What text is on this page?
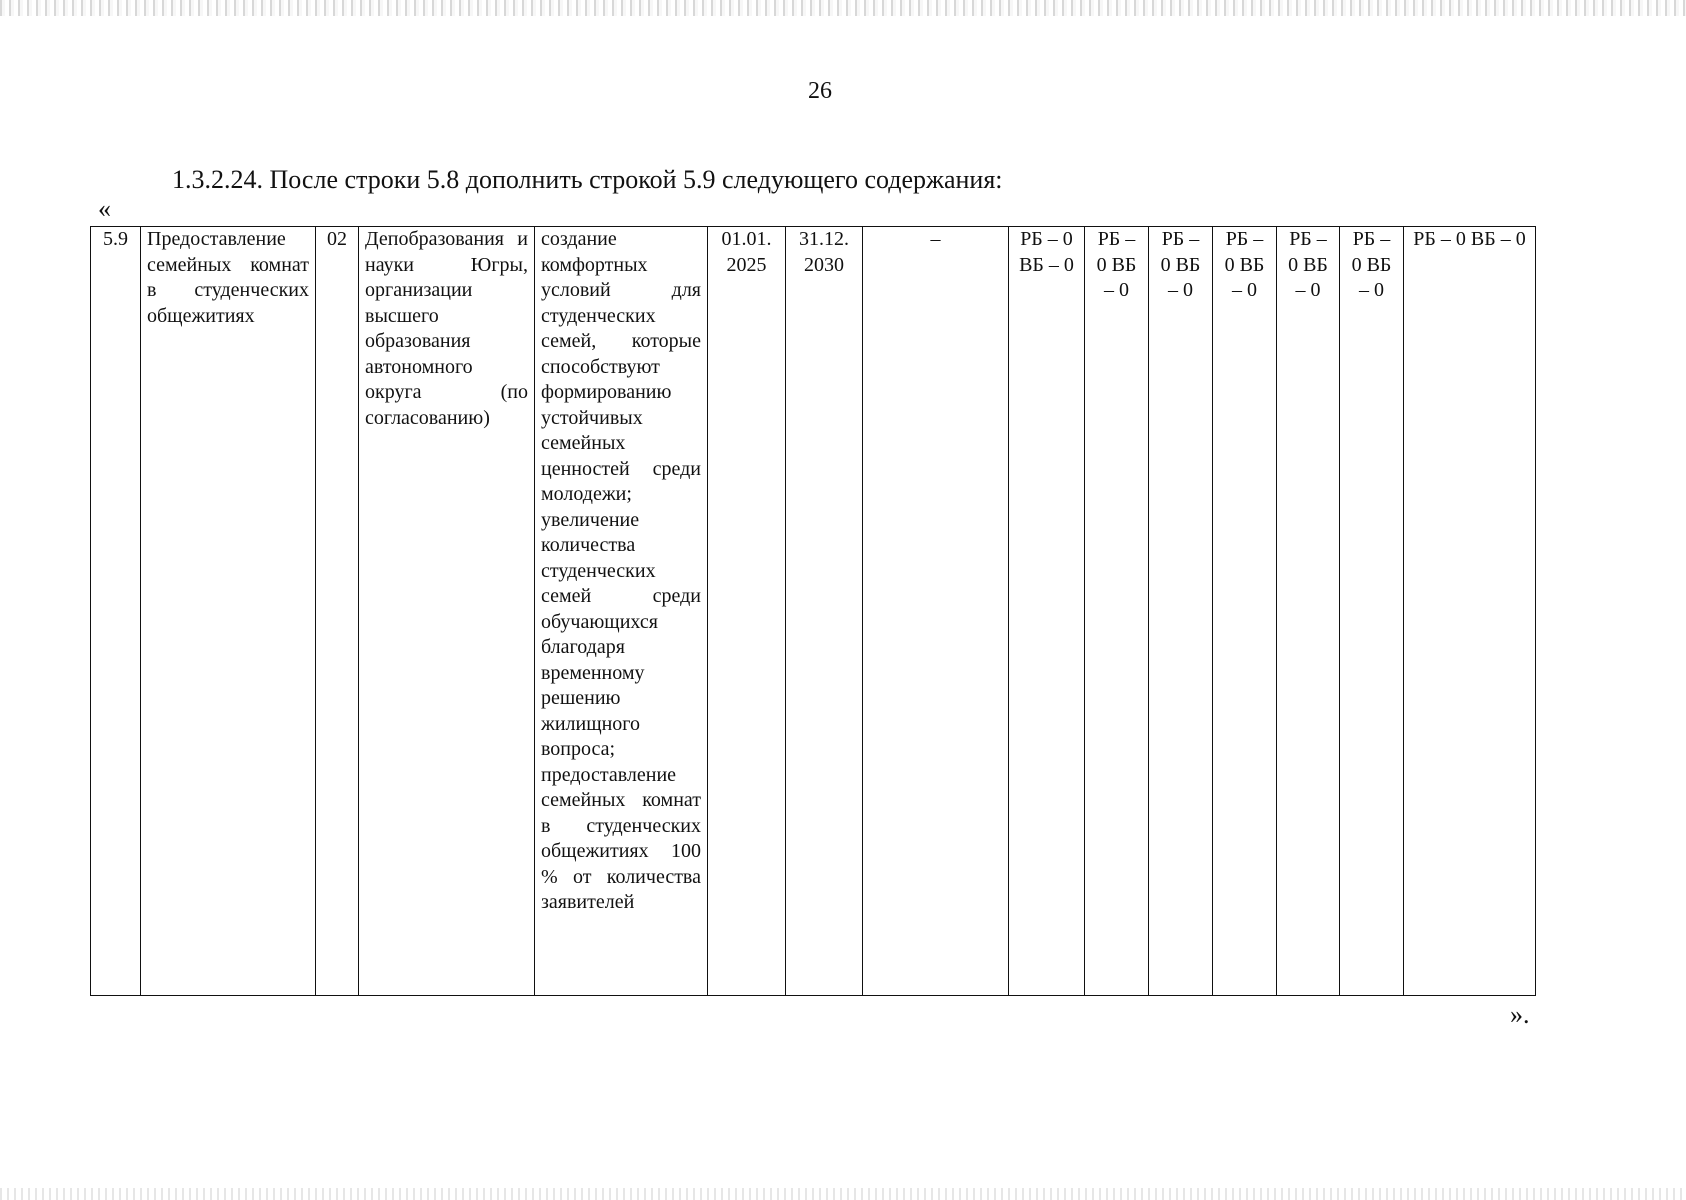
26
1.3.2.24. После строки 5.8 дополнить строкой 5.9 следующего содержания:
«
5.9	Предоставление семейных комнат в студенческих общежитиях	02	Депобразования и науки Югры, организации высшего образования автономного округа (по согласованию)	создание комфортных условий для студенческих семей, которые способствуют формированию устойчивых семейных ценностей среди молодежи; увеличение количества студенческих семей среди обучающихся благодаря временному решению жилищного вопроса; предоставление семейных комнат в студенческих общежитиях 100 % от количества заявителей	01.01. 2025	31.12. 2030	–	РБ – 0 ВБ – 0	РБ – 0 ВБ – 0	РБ – 0 ВБ – 0	РБ – 0 ВБ – 0	РБ – 0 ВБ – 0	РБ – 0 ВБ – 0	РБ – 0 ВБ – 0
».
